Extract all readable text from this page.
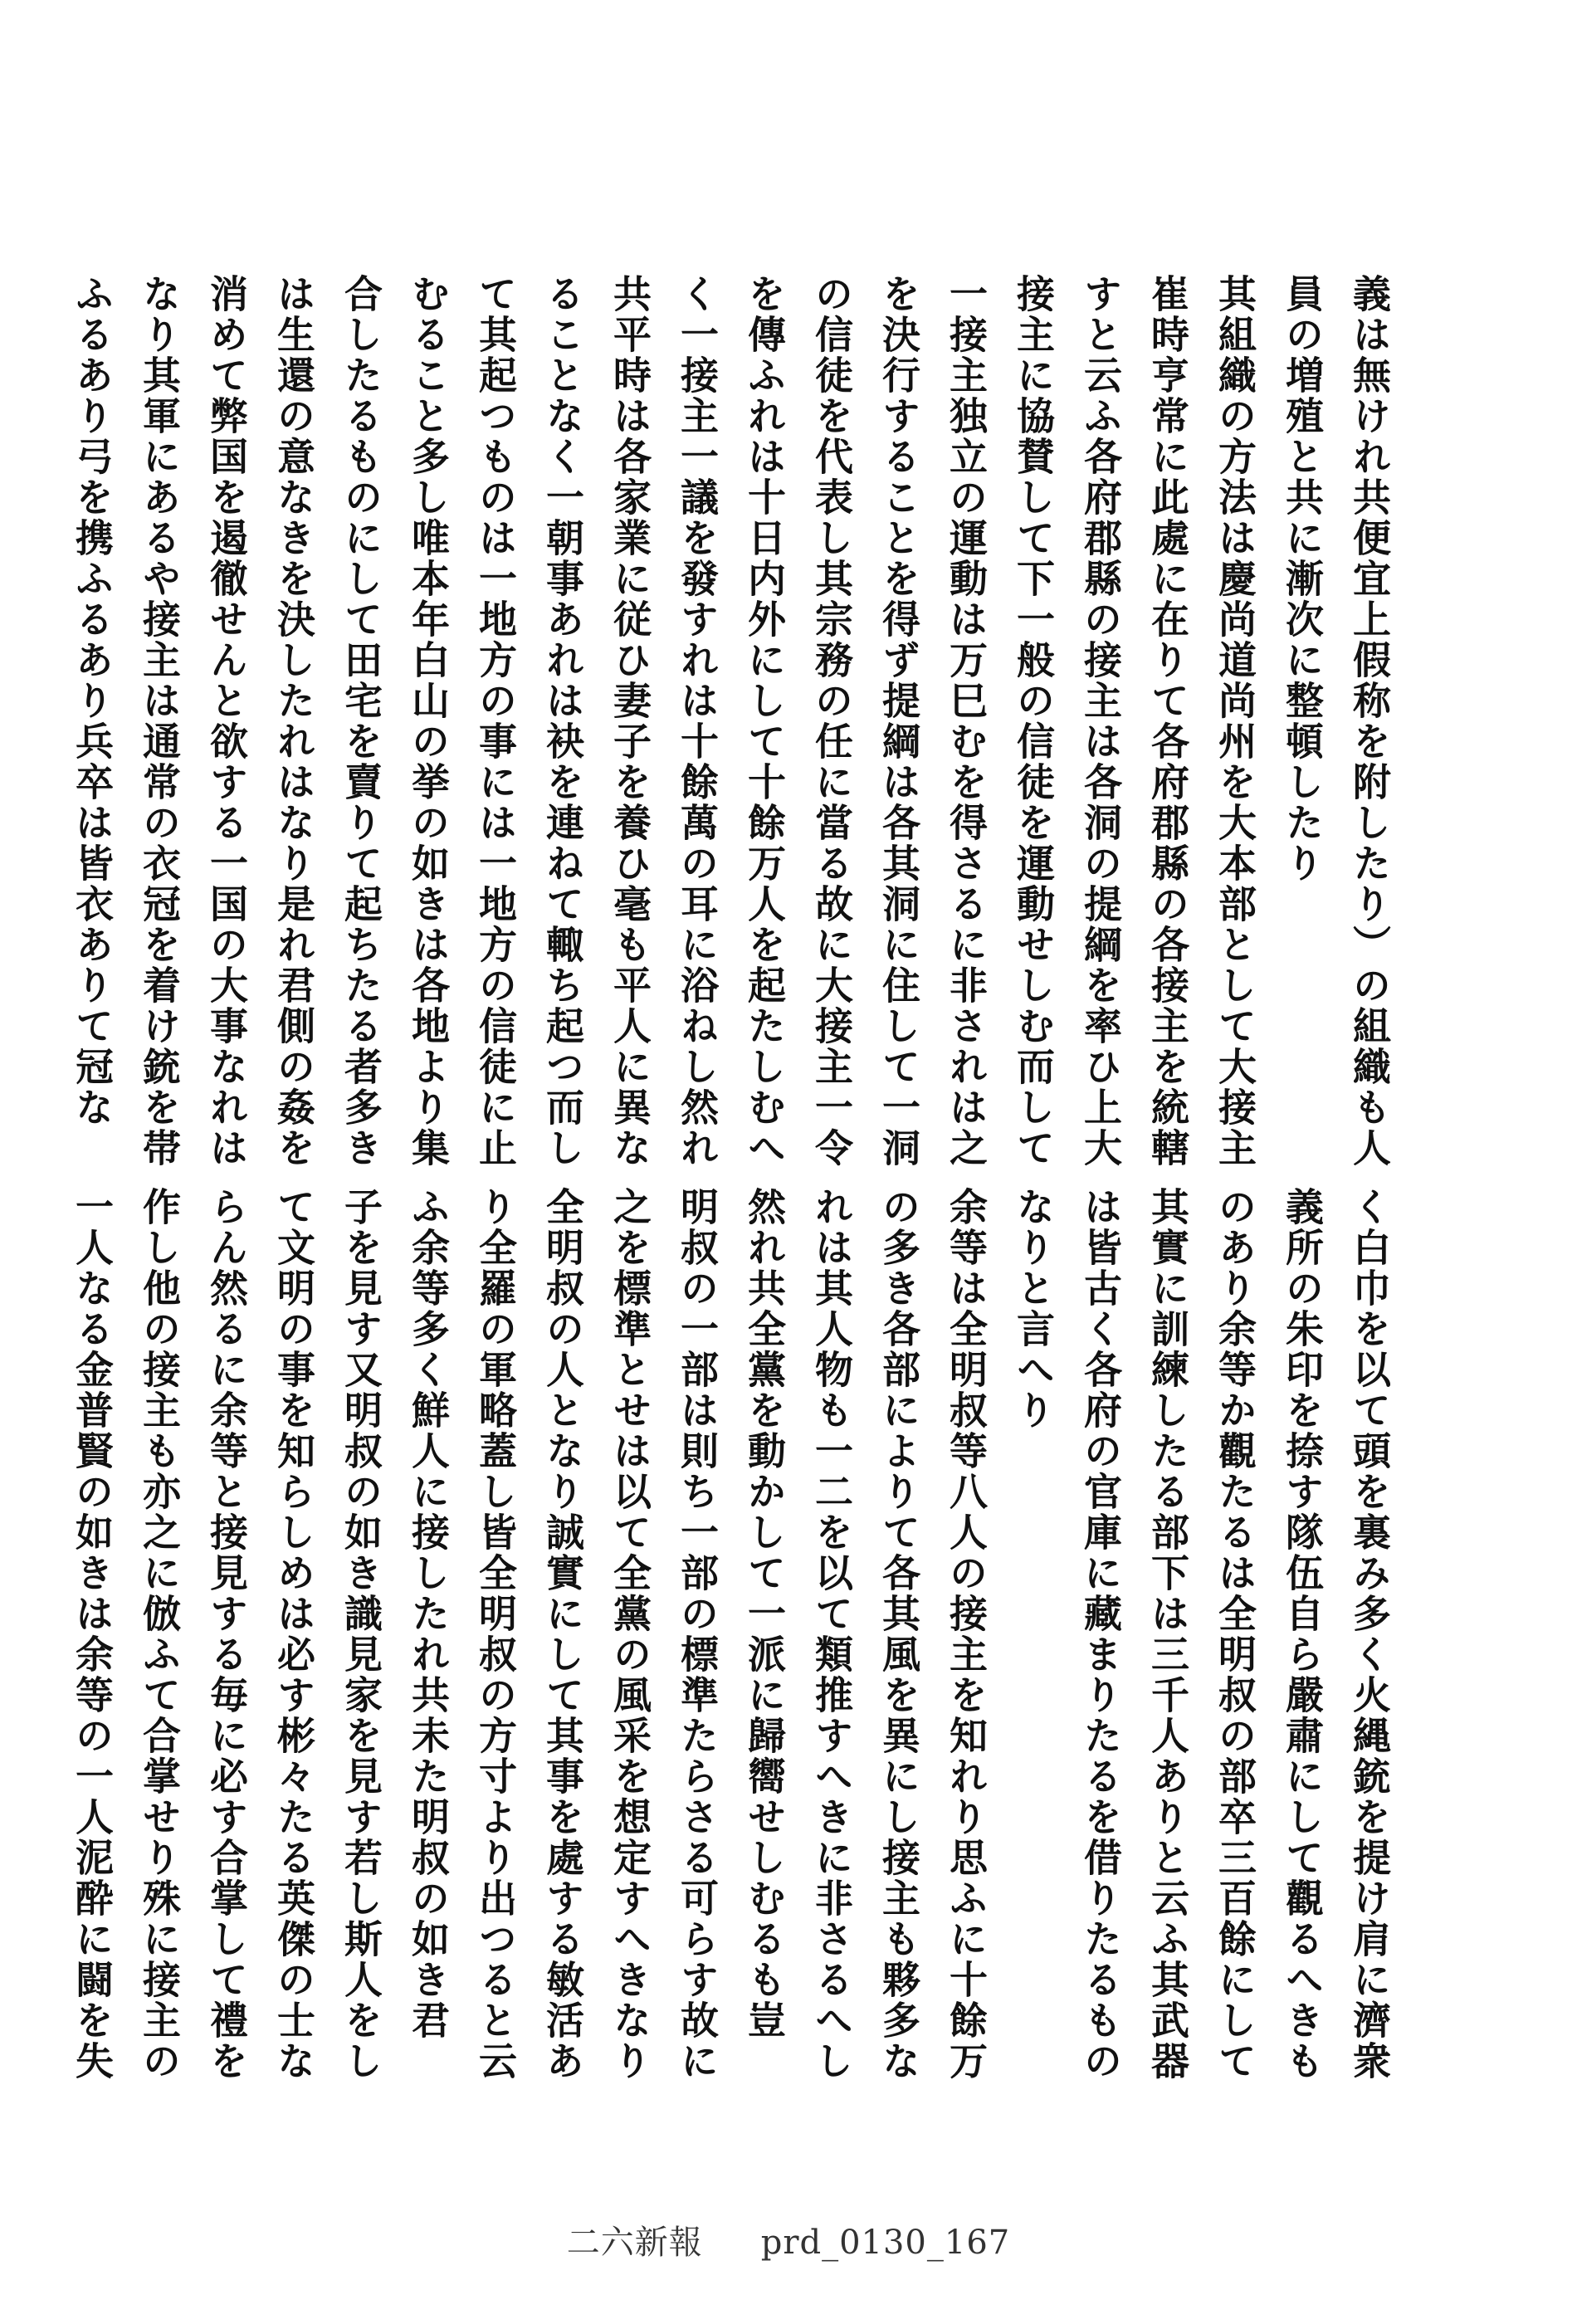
義は無けれ共便宜上假称を附したり）の組織も人
員の増殖と共に漸次に整頓したり
其組織の方法は慶尚道尚州を大本部として大接主
崔時亨常に此處に在りて各府郡縣の各接主を統轄
すと云ふ各府郡縣の接主は各洞の提綱を率ひ上大
接主に協賛して下一般の信徒を運動せしむ而して
一接主独立の運動は万巳むを得さるに非されは之
を決行することを得ず提綱は各其洞に住して一洞
の信徒を代表し其宗務の任に當る故に大接主一令
を傳ふれは十日内外にして十餘万人を起たしむへ
く一接主一議を發すれは十餘萬の耳に浴ねし然れ
共平時は各家業に従ひ妻子を養ひ毫も平人に異な
ることなく一朝事あれは袂を連ねて輙ち起つ而し
て其起つものは一地方の事には一地方の信徒に止
むること多し唯本年白山の挙の如きは各地より集
合したるものにして田宅を賣りて起ちたる者多き
は生還の意なきを決したれはなり是れ君側の姦を
消めて弊国を遏徹せんと欲する一国の大事なれは
なり其軍にあるや接主は通常の衣冠を着け銃を帯
ふるあり弓を携ふるあり兵卒は皆衣ありて冠な
く白巾を以て頭を裏み多く火縄銃を提け肩に濟衆
義所の朱印を捺す隊伍自ら嚴肅にして觀るへきも
のあり余等か觀たるは全明叔の部卒三百餘にして
其實に訓練したる部下は三千人ありと云ふ其武器
は皆古く各府の官庫に藏まりたるを借りたるもの
なりと言へり
余等は全明叔等八人の接主を知れり思ふに十餘万
の多き各部によりて各其風を異にし接主も夥多な
れは其人物も一二を以て類推すへきに非さるへし
然れ共全黨を動かして一派に歸嚮せしむるも豈
明叔の一部は則ち一部の標準たらさる可らす故に
之を標準とせは以て全黨の風采を想定すへきなり
全明叔の人となり誠實にして其事を處する敏活あ
り全羅の軍略蓋し皆全明叔の方寸より出つると云
ふ余等多く鮮人に接したれ共未た明叔の如き君
子を見す又明叔の如き識見家を見す若し斯人をし
て文明の事を知らしめは必す彬々たる英傑の士な
らん然るに余等と接見する毎に必す合掌して禮を
作し他の接主も亦之に倣ふて合掌せり殊に接主の
一人なる金普賢の如きは余等の一人泥酔に闘を失
二六新報 prd_0130_167
